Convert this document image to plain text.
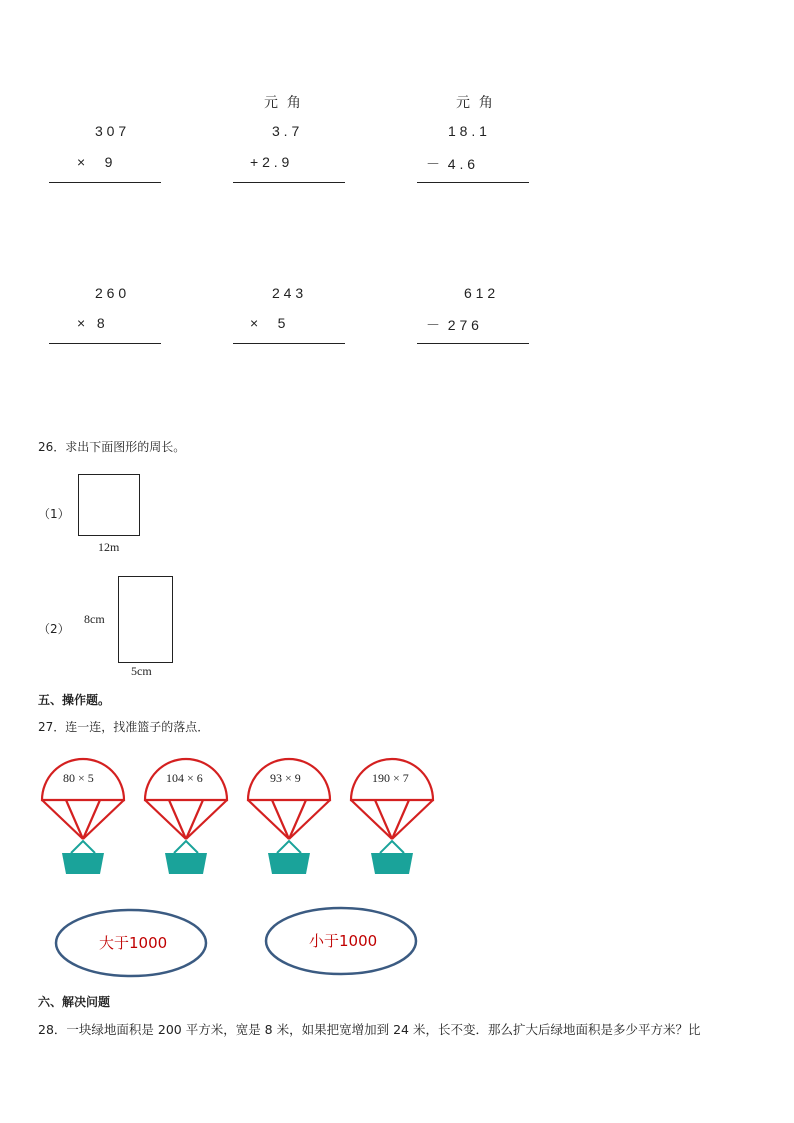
3 0 7
×     9
元  角
3 . 7
+ 2 . 9
元  角
1 8 . 1
－  4 . 6
2 6 0
×   8
2 4 3
×     5
6 1 2
－  2 7 6
26．求出下面图形的周长。
（1）
12m
（2）
8cm
5cm
五、操作题。
27．连一连，找准篮子的落点．
80 × 5	104 × 6	93 × 9	190 × 7
大于1000	小于1000
六、解决问题
28．一块绿地面积是 200 平方米，宽是 8 米，如果把宽增加到 24 米，长不变．那么扩大后绿地面积是多少平方米？比
